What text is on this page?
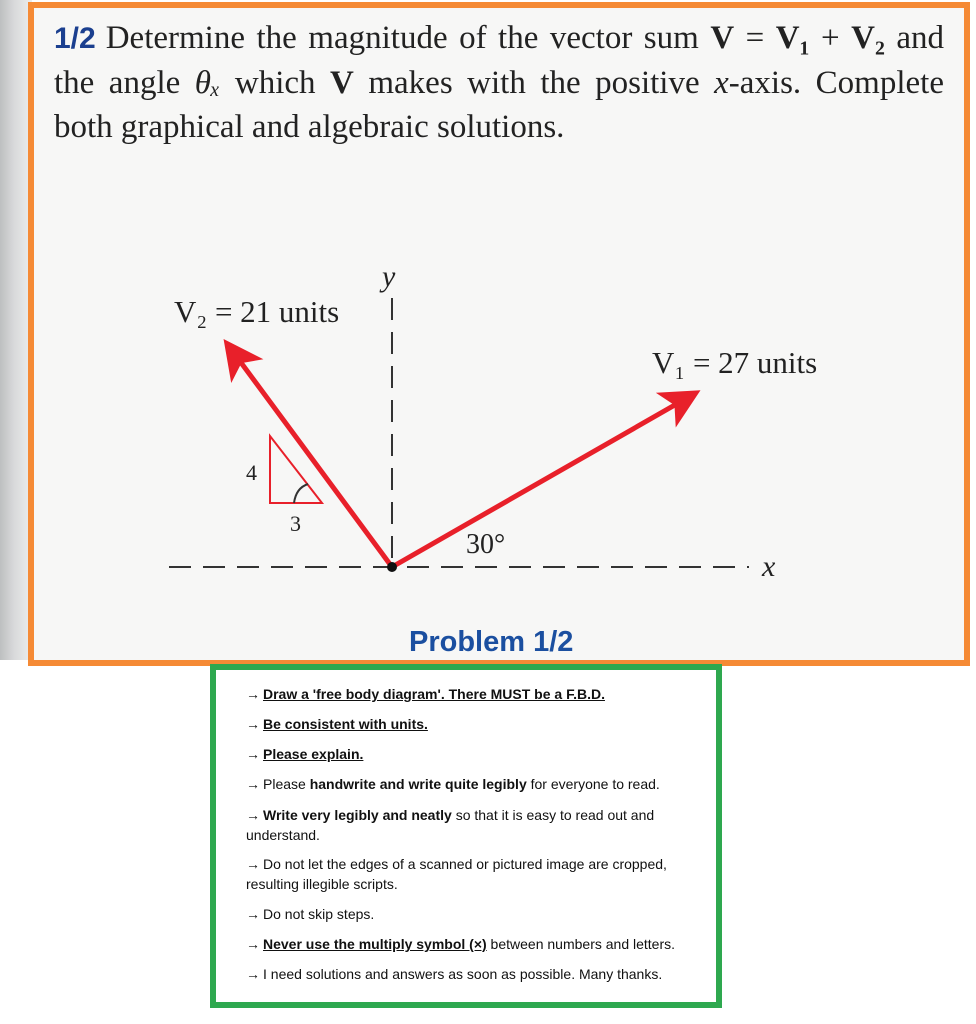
1/2 Determine the magnitude of the vector sum V = V₁ + V₂ and the angle θₓ which V makes with the positive x-axis. Complete both graphical and algebraic solutions.

y
x
4
3
V₂ = 21 units
V₁ = 27 units
30°
Problem 1/2

→ Draw a 'free body diagram'. There MUST be a F.B.D.

→ Be consistent with units.

→ Please explain.

→ Please handwrite and write quite legibly for everyone to read.

→ Write very legibly and neatly so that it is easy to read out and understand.

→ Do not let the edges of a scanned or pictured image are cropped, resulting illegible scripts.

→ Do not skip steps.

→ Never use the multiply symbol (×) between numbers and letters.

→ I need solutions and answers as soon as possible. Many thanks.
